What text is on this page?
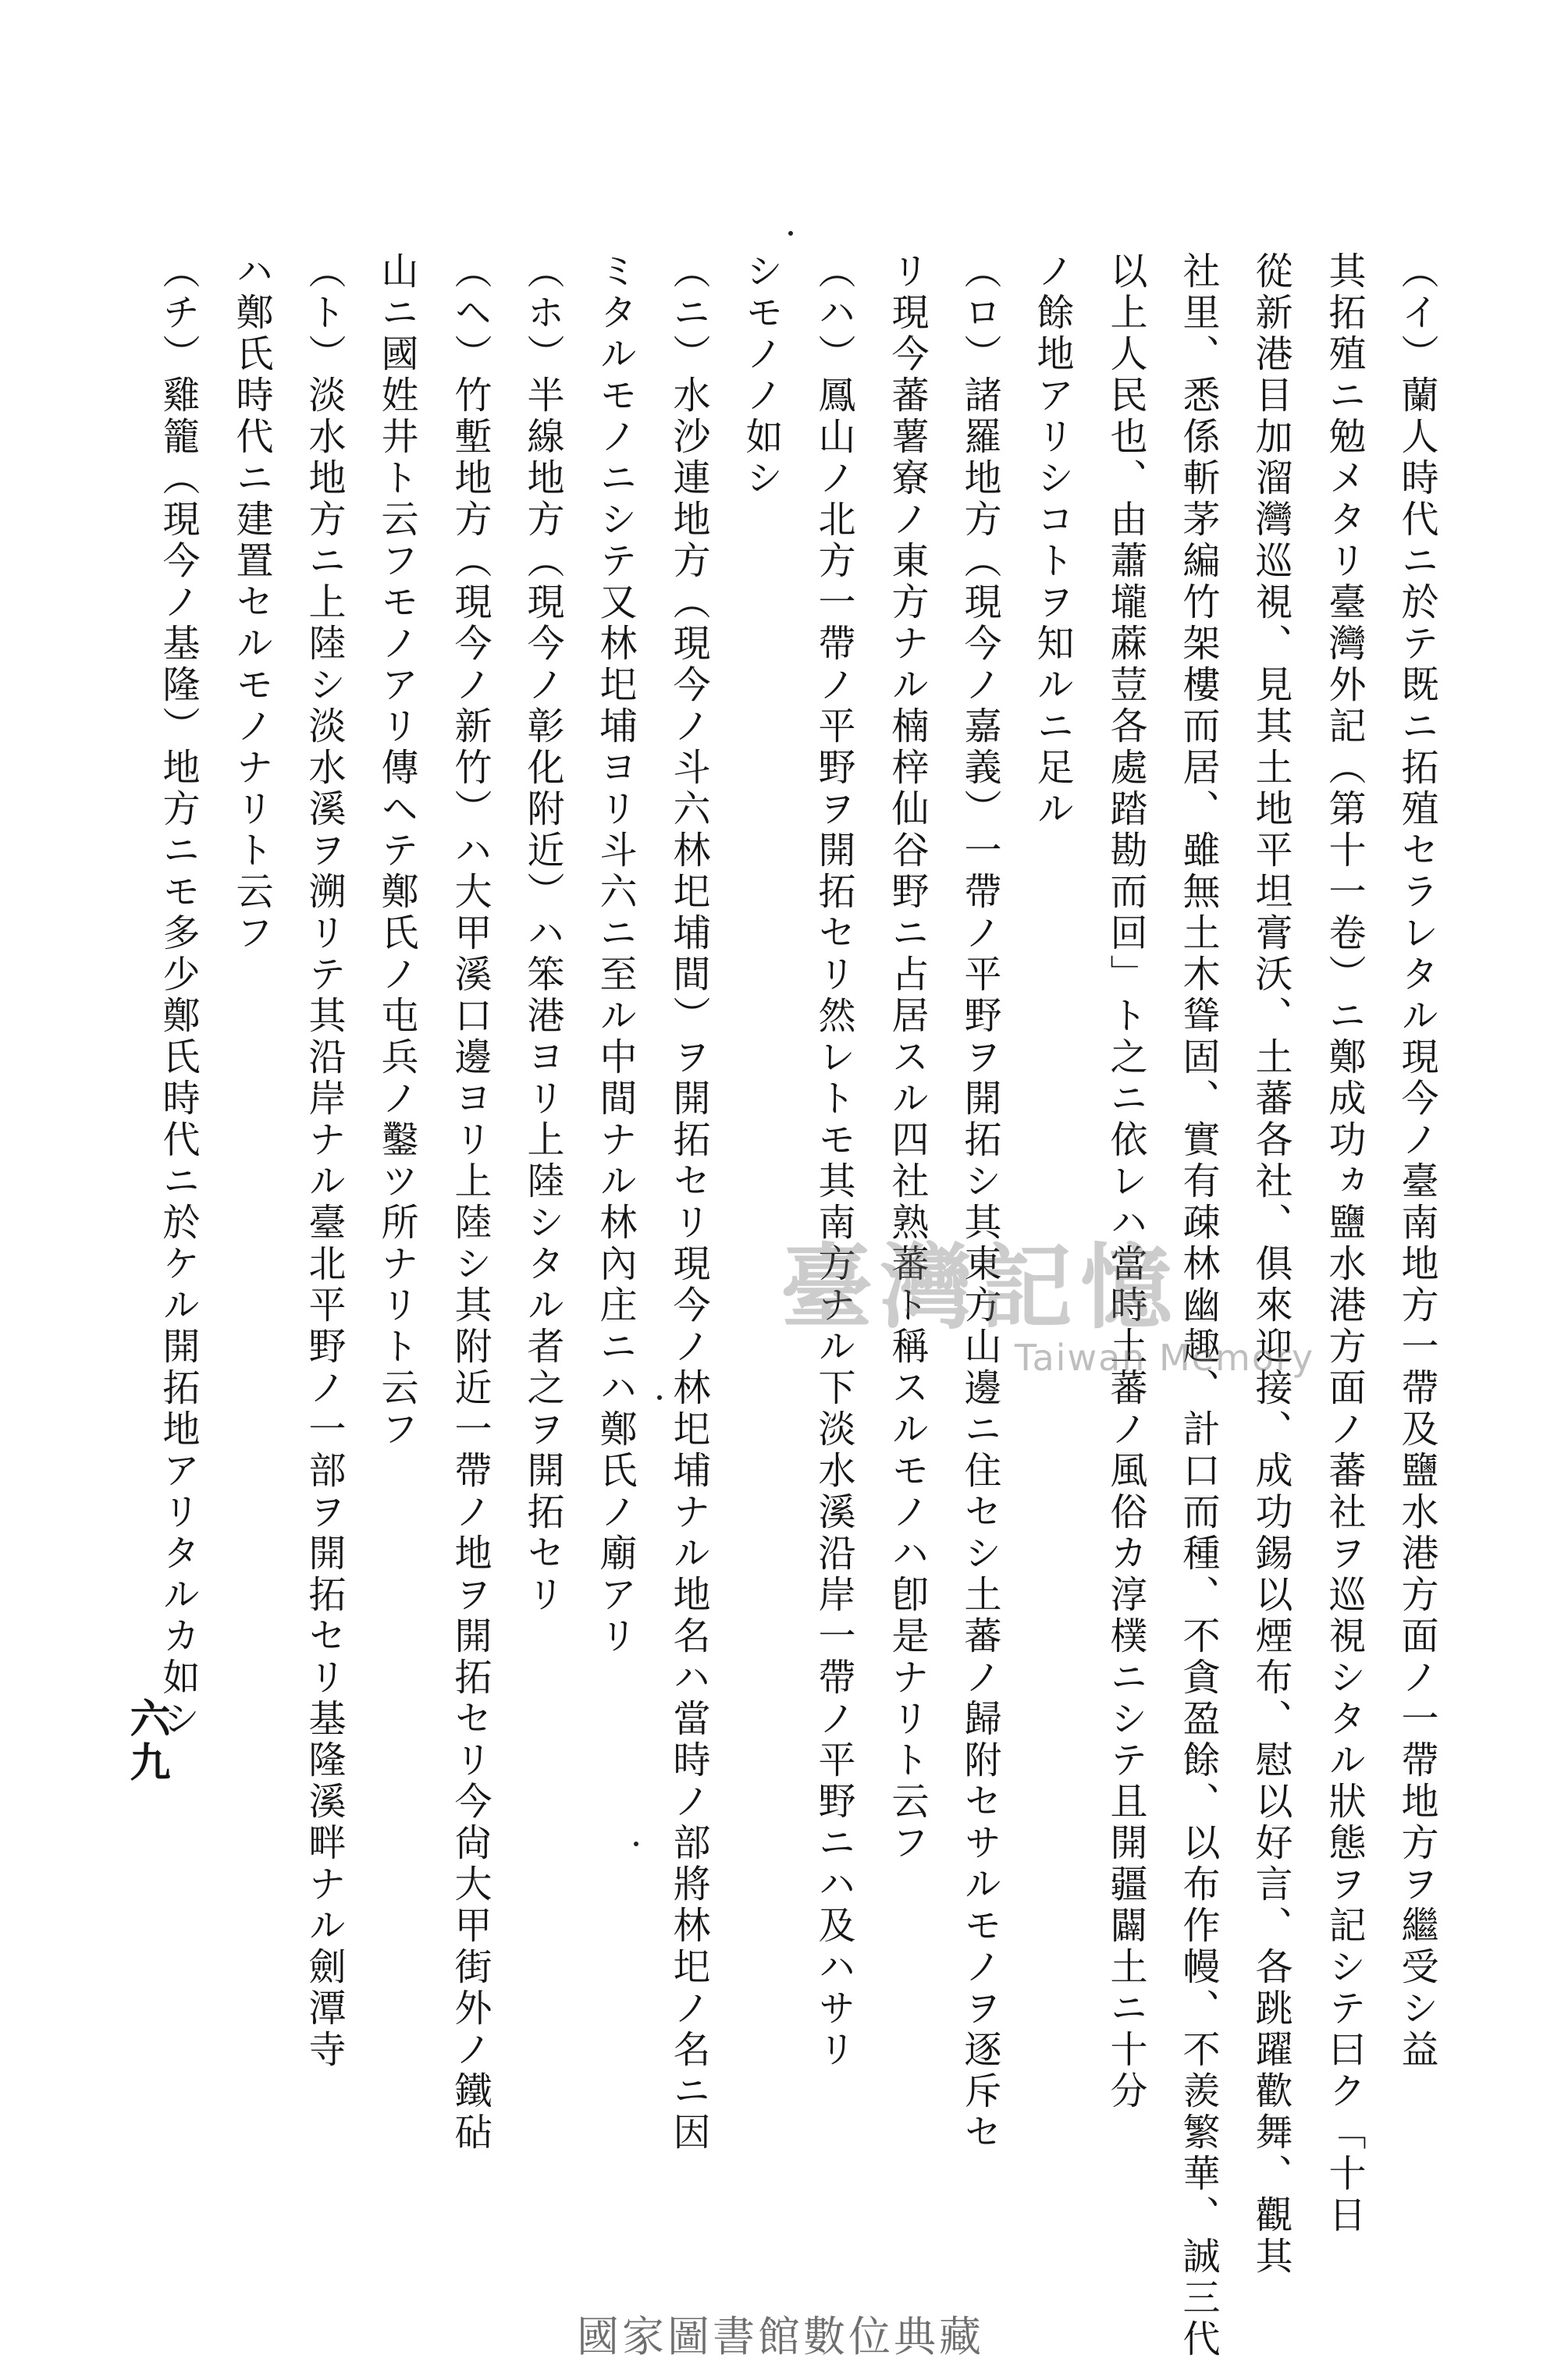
（イ）蘭人時代ニ於テ既ニ拓殖セラレタル現今ノ臺南地方一帶及鹽水港方面ノ一帶地方ヲ繼受シ益
其拓殖ニ勉メタリ臺灣外記（第十一卷）ニ鄭成功ヵ鹽水港方面ノ蕃社ヲ巡視シタル狀態ヲ記シテ曰ク「十日
從新港目加溜灣巡視、見其土地平坦膏沃、土蕃各社、俱來迎接、成功錫以煙布、慰以好言、各跳躍歡舞、觀其
社里、悉係斬茅編竹架樓而居、雖無土木聳固、實有疎林幽趣、計口而種、不貪盈餘、以布作幔、不羨繁華、誠三代
以上人民也、由蕭壠蔴荳各處踏勘而回」ト之ニ依レハ當時土蕃ノ風俗カ淳樸ニシテ且開疆闢土ニ十分
ノ餘地アリシコトヲ知ルニ足ル
（ロ）諸羅地方（現今ノ嘉義）一帶ノ平野ヲ開拓シ其東方山邊ニ住セシ土蕃ノ歸附セサルモノヲ逐斥セ
リ現今蕃薯寮ノ東方ナル楠梓仙谷野ニ占居スル四社熟蕃ト稱スルモノハ卽是ナリト云フ
（ハ）鳳山ノ北方一帶ノ平野ヲ開拓セリ然レトモ其南方ナル下淡水溪沿岸一帶ノ平野ニハ及ハサリ
シモノノ如シ
（ニ）水沙連地方（現今ノ斗六林圯埔間）ヲ開拓セリ現今ノ林圯埔ナル地名ハ當時ノ部將林圯ノ名ニ因
ミタルモノニシテ又林圯埔ヨリ斗六ニ至ル中間ナル林內庄ニハ鄭氏ノ廟アリ
（ホ）半線地方（現今ノ彰化附近）ハ笨港ヨリ上陸シタル者之ヲ開拓セリ
（ヘ）竹塹地方（現今ノ新竹）ハ大甲溪口邊ヨリ上陸シ其附近一帶ノ地ヲ開拓セリ今尙大甲街外ノ鐵砧
山ニ國姓井ト云フモノアリ傳ヘテ鄭氏ノ屯兵ノ鑿ツ所ナリト云フ
（ト）淡水地方ニ上陸シ淡水溪ヲ溯リテ其沿岸ナル臺北平野ノ一部ヲ開拓セリ基隆溪畔ナル劍潭寺
ハ鄭氏時代ニ建置セルモノナリト云フ
（チ）雞籠（現今ノ基隆）地方ニモ多少鄭氏時代ニ於ケル開拓地アリタルカ如シ
六九
臺灣記憶
Taiwan Memory
國家圖書館數位典藏
